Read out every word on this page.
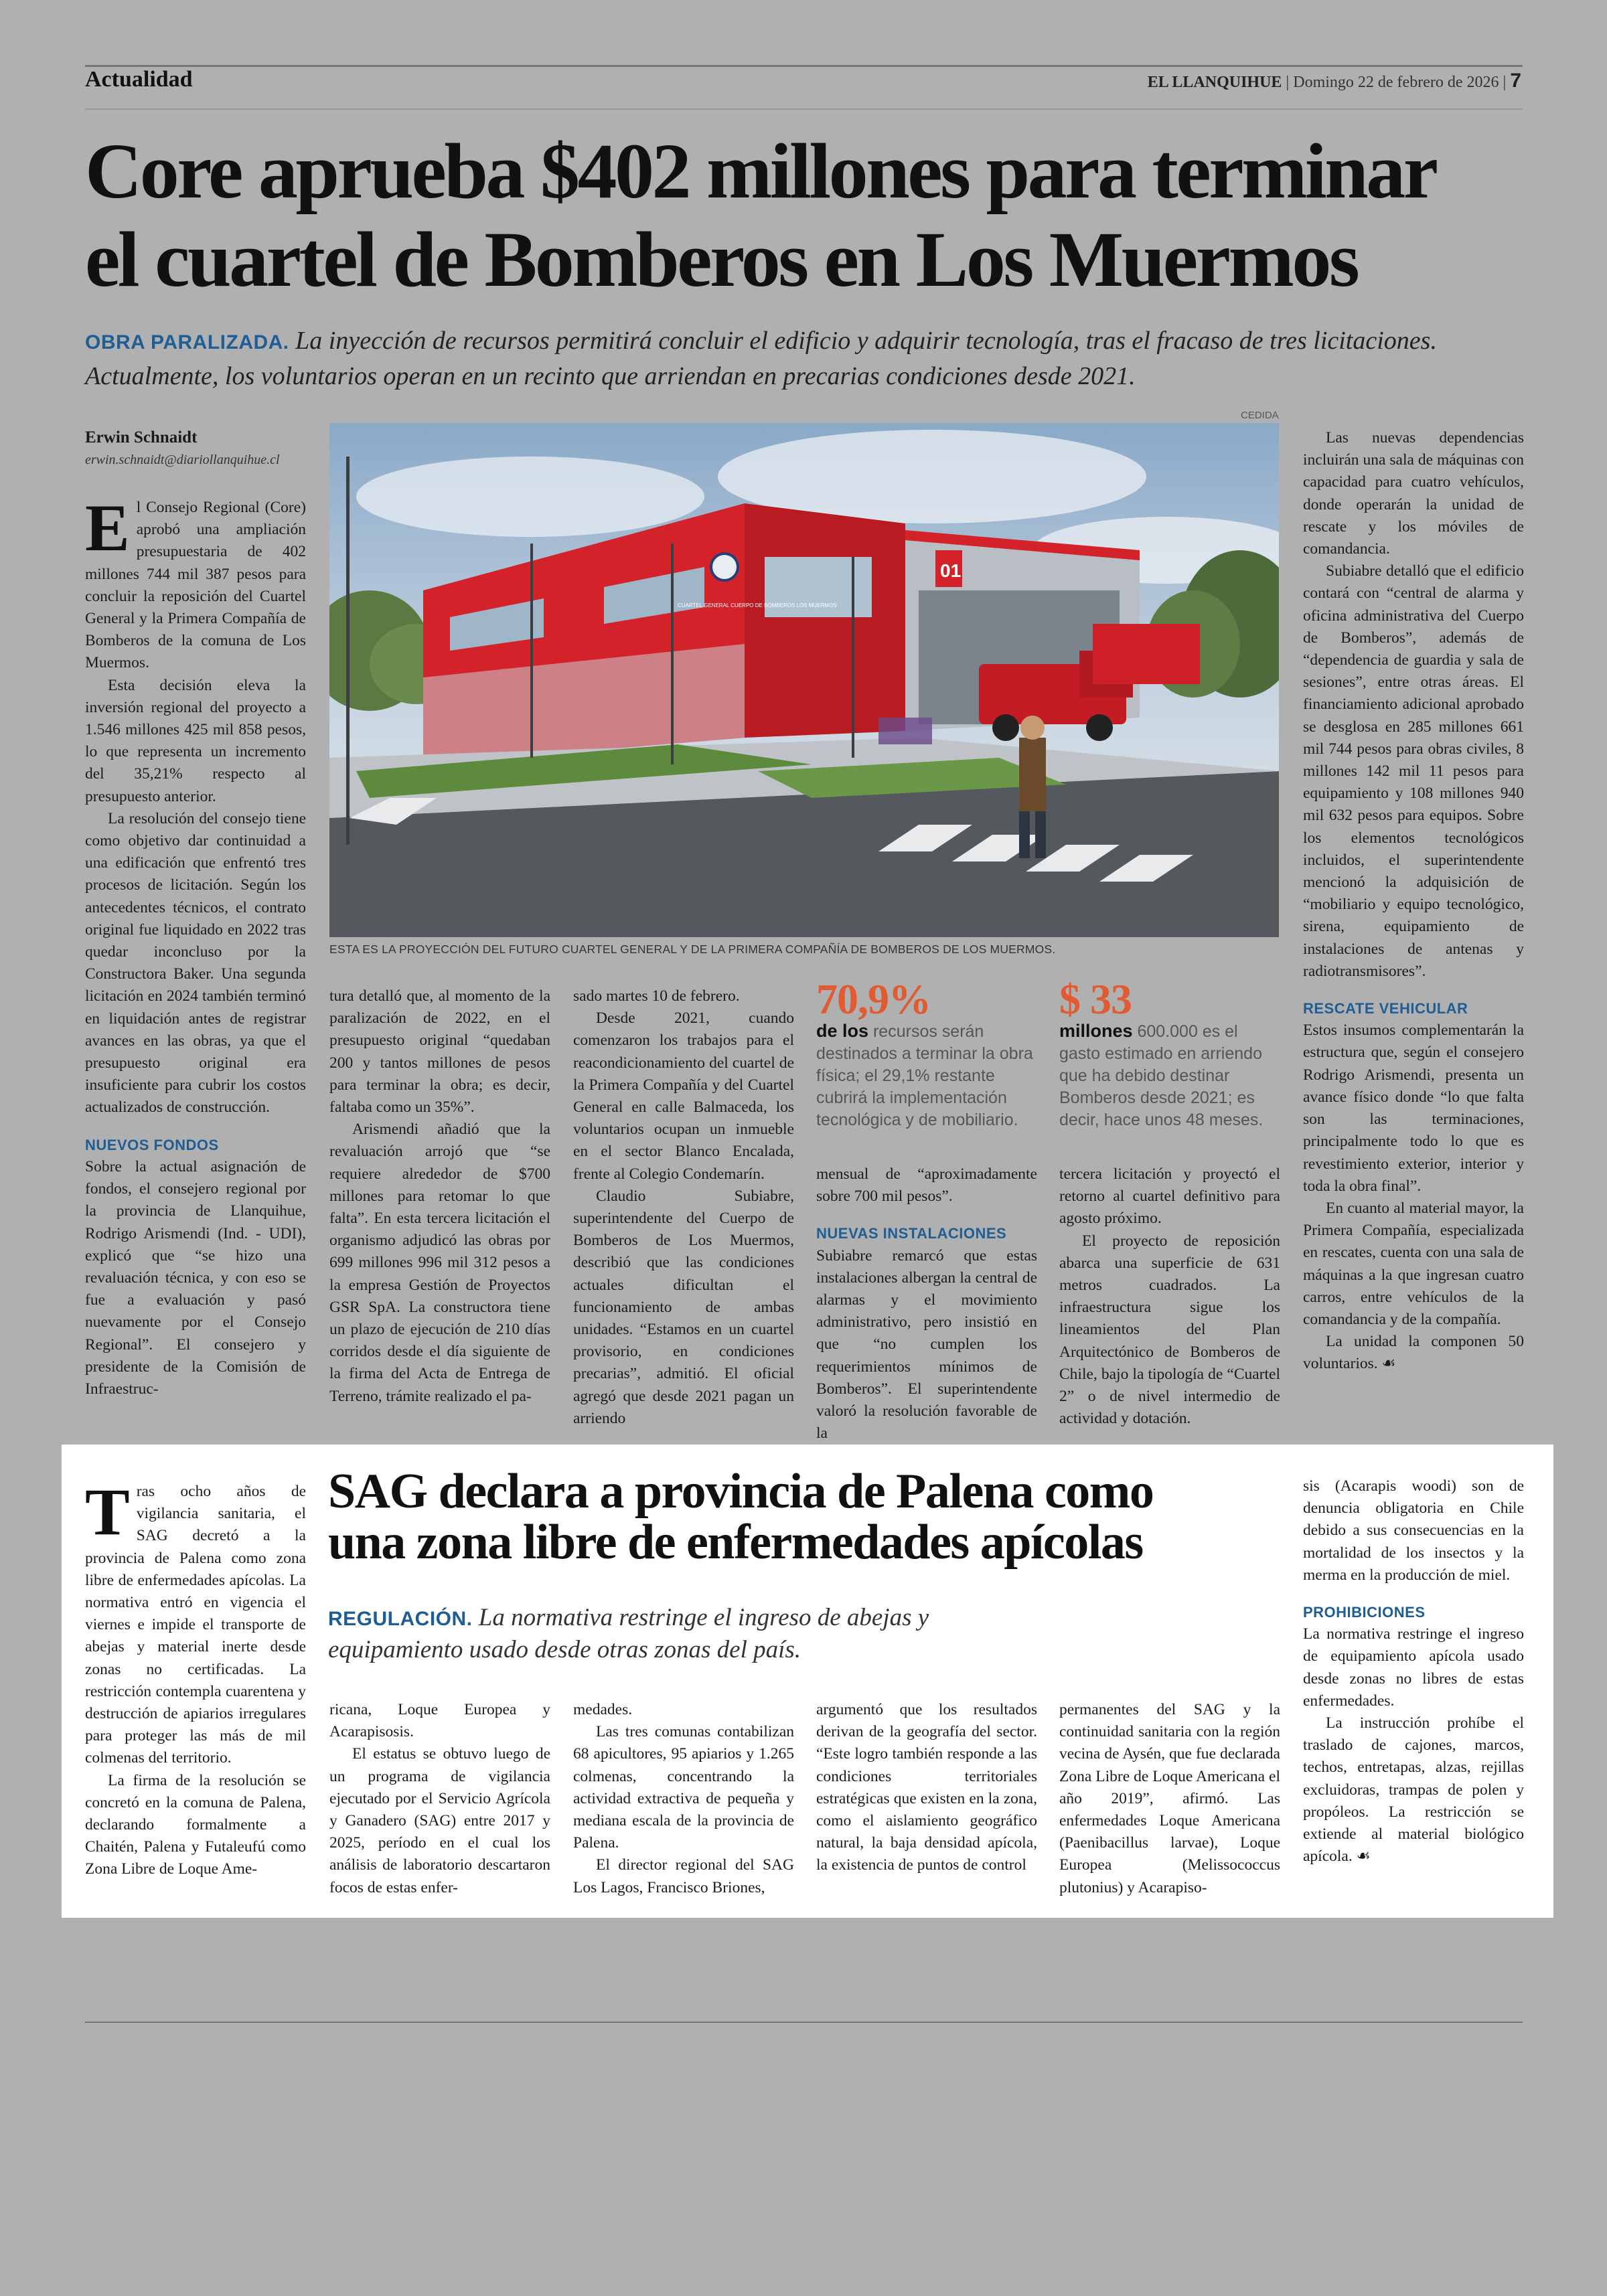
Actualidad	EL LLANQUIHUE | Domingo 22 de febrero de 2026 | 7
Core aprueba $402 millones para terminar
el cuartel de Bomberos en Los Muermos
OBRA PARALIZADA. La inyección de recursos permitirá concluir el edificio y adquirir tecnología, tras el fracaso de tres licitaciones. Actualmente, los voluntarios operan en un recinto que arriendan en precarias condiciones desde 2021.
Erwin Schnaidt
erwin.schnaidt@diariollanquihue.cl
E l Consejo Regional (Core) aprobó una ampliación presupuestaria de 402 millones 744 mil 387 pesos para concluir la reposición del Cuartel General y la Primera Compañía de Bomberos de la comuna de Los Muermos.

Esta decisión eleva la inversión regional del proyecto a 1.546 millones 425 mil 858 pesos, lo que representa un incremento del 35,21% respecto al presupuesto anterior.

La resolución del consejo tiene como objetivo dar continuidad a una edificación que enfrentó tres procesos de licitación. Según los antecedentes técnicos, el contrato original fue liquidado en 2022 tras quedar inconcluso por la Constructora Baker. Una segunda licitación en 2024 también terminó en liquidación antes de registrar avances en las obras, ya que el presupuesto original era insuficiente para cubrir los costos actualizados de construcción.

NUEVOS FONDOS

Sobre la actual asignación de fondos, el consejero regional por la provincia de Llanquihue, Rodrigo Arismendi (Ind. - UDI), explicó que “se hizo una revaluación técnica, y con eso se fue a evaluación y pasó nuevamente por el Consejo Regional”. El consejero y presidente de la Comisión de Infraestruc-

CEDIDA
01
CUARTEL GENERAL CUERPO DE BOMBEROS LOS MUERMOS
ESTA ES LA PROYECCIÓN DEL FUTURO CUARTEL GENERAL Y DE LA PRIMERA COMPAÑÍA DE BOMBEROS DE LOS MUERMOS.

tura detalló que, al momento de la paralización de 2022, en el presupuesto original “quedaban 200 y tantos millones de pesos para terminar la obra; es decir, faltaba como un 35%”.

Arismendi añadió que la revaluación arrojó que “se requiere alrededor de $700 millones para retomar lo que falta”. En esta tercera licitación el organismo adjudicó las obras por 699 millones 996 mil 312 pesos a la empresa Gestión de Proyectos GSR SpA. La constructora tiene un plazo de ejecución de 210 días corridos desde el día siguiente de la firma del Acta de Entrega de Terreno, trámite realizado el pa-

sado martes 10 de febrero.

Desde 2021, cuando comenzaron los trabajos para el reacondicionamiento del cuartel de la Primera Compañía y del Cuartel General en calle Balmaceda, los voluntarios ocupan un inmueble en el sector Blanco Encalada, frente al Colegio Condemarín.

Claudio Subiabre, superintendente del Cuerpo de Bomberos de Los Muermos, describió que las condiciones actuales dificultan el funcionamiento de ambas unidades. “Estamos en un cuartel provisorio, en condiciones precarias”, admitió. El oficial agregó que desde 2021 pagan un arriendo

70,9%
de los recursos serán destinados a terminar la obra física; el 29,1% restante cubrirá la implementación tecnológica y de mobiliario.
$ 33
millones 600.000 es el gasto estimado en arriendo que ha debido destinar Bomberos desde 2021; es decir, hace unos 48 meses.

mensual de “aproximadamente sobre 700 mil pesos”.

NUEVAS INSTALACIONES

Subiabre remarcó que estas instalaciones albergan la central de alarmas y el movimiento administrativo, pero insistió en que “no cumplen los requerimientos mínimos de Bomberos”. El superintendente valoró la resolución favorable de la

tercera licitación y proyectó el retorno al cuartel definitivo para agosto próximo.

El proyecto de reposición abarca una superficie de 631 metros cuadrados. La infraestructura sigue los lineamientos del Plan Arquitectónico de Bomberos de Chile, bajo la tipología de “Cuartel 2” o de nivel intermedio de actividad y dotación.

Las nuevas dependencias incluirán una sala de máquinas con capacidad para cuatro vehículos, donde operarán la unidad de rescate y los móviles de comandancia.

Subiabre detalló que el edificio contará con “central de alarma y oficina administrativa del Cuerpo de Bomberos”, además de “dependencia de guardia y sala de sesiones”, entre otras áreas. El financiamiento adicional aprobado se desglosa en 285 millones 661 mil 744 pesos para obras civiles, 8 millones 142 mil 11 pesos para equipamiento y 108 millones 940 mil 632 pesos para equipos. Sobre los elementos tecnológicos incluidos, el superintendente mencionó la adquisición de “mobiliario y equipo tecnológico, sirena, equipamiento de instalaciones de antenas y radiotransmisores”.

RESCATE VEHICULAR

Estos insumos complementarán la estructura que, según el consejero Rodrigo Arismendi, presenta un avance físico donde “lo que falta son las terminaciones, principalmente todo lo que es revestimiento exterior, interior y toda la obra final”.

En cuanto al material mayor, la Primera Compañía, especializada en rescates, cuenta con una sala de máquinas a la que ingresan cuatro carros, entre vehículos de la comandancia y de la compañía.

La unidad la componen 50 voluntarios. ☙

T ras ocho años de vigilancia sanitaria, el SAG decretó a la provincia de Palena como zona libre de enfermedades apícolas. La normativa entró en vigencia el viernes e impide el transporte de abejas y material inerte desde zonas no certificadas. La restricción contempla cuarentena y destrucción de apiarios irregulares para proteger las más de mil colmenas del territorio.

La firma de la resolución se concretó en la comuna de Palena, declarando formalmente a Chaitén, Palena y Futaleufú como Zona Libre de Loque Ame-

SAG declara a provincia de Palena como
una zona libre de enfermedades apícolas
REGULACIÓN. La normativa restringe el ingreso de abejas y equipamiento usado desde otras zonas del país.

ricana, Loque Europea y Acarapisosis.

El estatus se obtuvo luego de un programa de vigilancia ejecutado por el Servicio Agrícola y Ganadero (SAG) entre 2017 y 2025, período en el cual los análisis de laboratorio descartaron focos de estas enfer-

medades.

Las tres comunas contabilizan 68 apicultores, 95 apiarios y 1.265 colmenas, concentrando la actividad extractiva de pequeña y mediana escala de la provincia de Palena.

El director regional del SAG Los Lagos, Francisco Briones,

argumentó que los resultados derivan de la geografía del sector. “Este logro también responde a las condiciones territoriales estratégicas que existen en la zona, como el aislamiento geográfico natural, la baja densidad apícola, la existencia de puntos de control

permanentes del SAG y la continuidad sanitaria con la región vecina de Aysén, que fue declarada Zona Libre de Loque Americana el año 2019”, afirmó. Las enfermedades Loque Americana (Paenibacillus larvae), Loque Europea (Melissococcus plutonius) y Acarapiso-

sis (Acarapis woodi) son de denuncia obligatoria en Chile debido a sus consecuencias en la mortalidad de los insectos y la merma en la producción de miel.

PROHIBICIONES

La normativa restringe el ingreso de equipamiento apícola usado desde zonas no libres de estas enfermedades.

La instrucción prohíbe el traslado de cajones, marcos, techos, entretapas, alzas, rejillas excluidoras, trampas de polen y propóleos. La restricción se extiende al material biológico apícola. ☙
